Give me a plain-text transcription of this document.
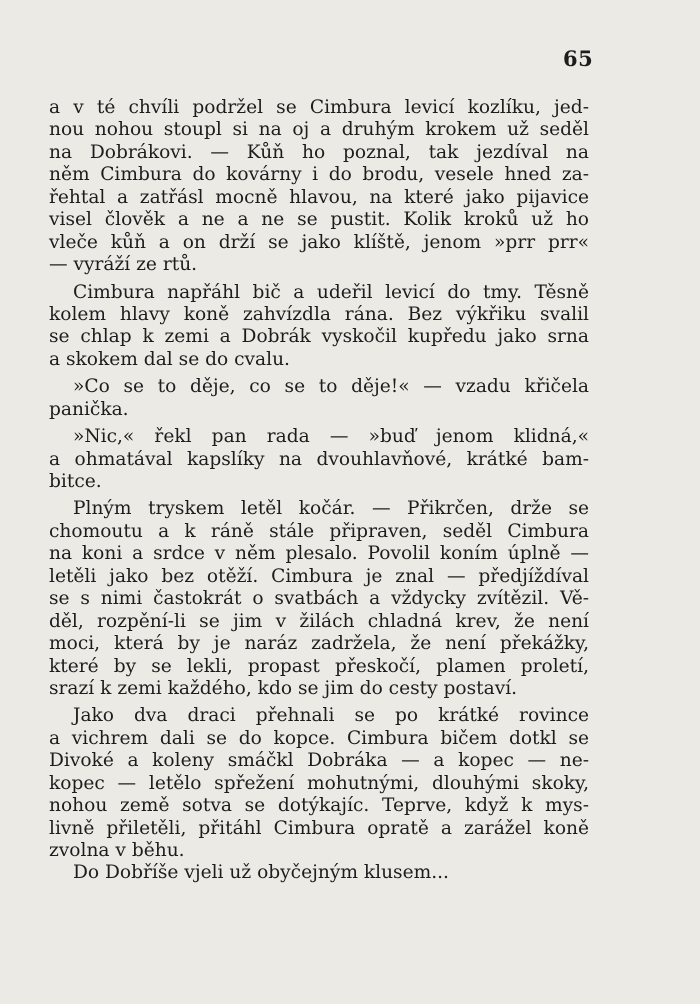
65
a v té chvíli podržel se Cimbura levicí kozlíku, jed-
nou nohou stoupl si na oj a druhým krokem už seděl
na Dobrákovi. — Kůň ho poznal, tak jezdíval na
něm Cimbura do kovárny i do brodu, vesele hned za-
řehtal a zatřásl mocně hlavou, na které jako pijavice
visel člověk a ne a ne se pustit. Kolik kroků už ho
vleče kůň a on drží se jako klíště, jenom »prr prr«
— vyráží ze rtů.
Cimbura napřáhl bič a udeřil levicí do tmy. Těsně
kolem hlavy koně zahvízdla rána. Bez výkřiku svalil
se chlap k zemi a Dobrák vyskočil kupředu jako srna
a skokem dal se do cvalu.
»Co se to děje, co se to děje!« — vzadu křičela
panička.
»Nic,« řekl pan rada — »buď jenom klidná,«
a ohmatával kapslíky na dvouhlavňové, krátké bam-
bitce.
Plným tryskem letěl kočár. — Přikrčen, drže se
chomoutu a k ráně stále připraven, seděl Cimbura
na koni a srdce v něm plesalo. Povolil koním úplně —
letěli jako bez otěží. Cimbura je znal — předjíždíval
se s nimi častokrát o svatbách a vždycky zvítězil. Vě-
děl, rozpění-li se jim v žilách chladná krev, že není
moci, která by je naráz zadržela, že není překážky,
které by se lekli, propast přeskočí, plamen proletí,
srazí k zemi každého, kdo se jim do cesty postaví.
Jako dva draci přehnali se po krátké rovince
a vichrem dali se do kopce. Cimbura bičem dotkl se
Divoké a koleny smáčkl Dobráka — a kopec — ne-
kopec — letělo spřežení mohutnými, dlouhými skoky,
nohou země sotva se dotýkajíc. Teprve, když k mys-
livně přiletěli, přitáhl Cimbura opratě a zarážel koně
zvolna v běhu.
Do Dobříše vjeli už obyčejným klusem...
